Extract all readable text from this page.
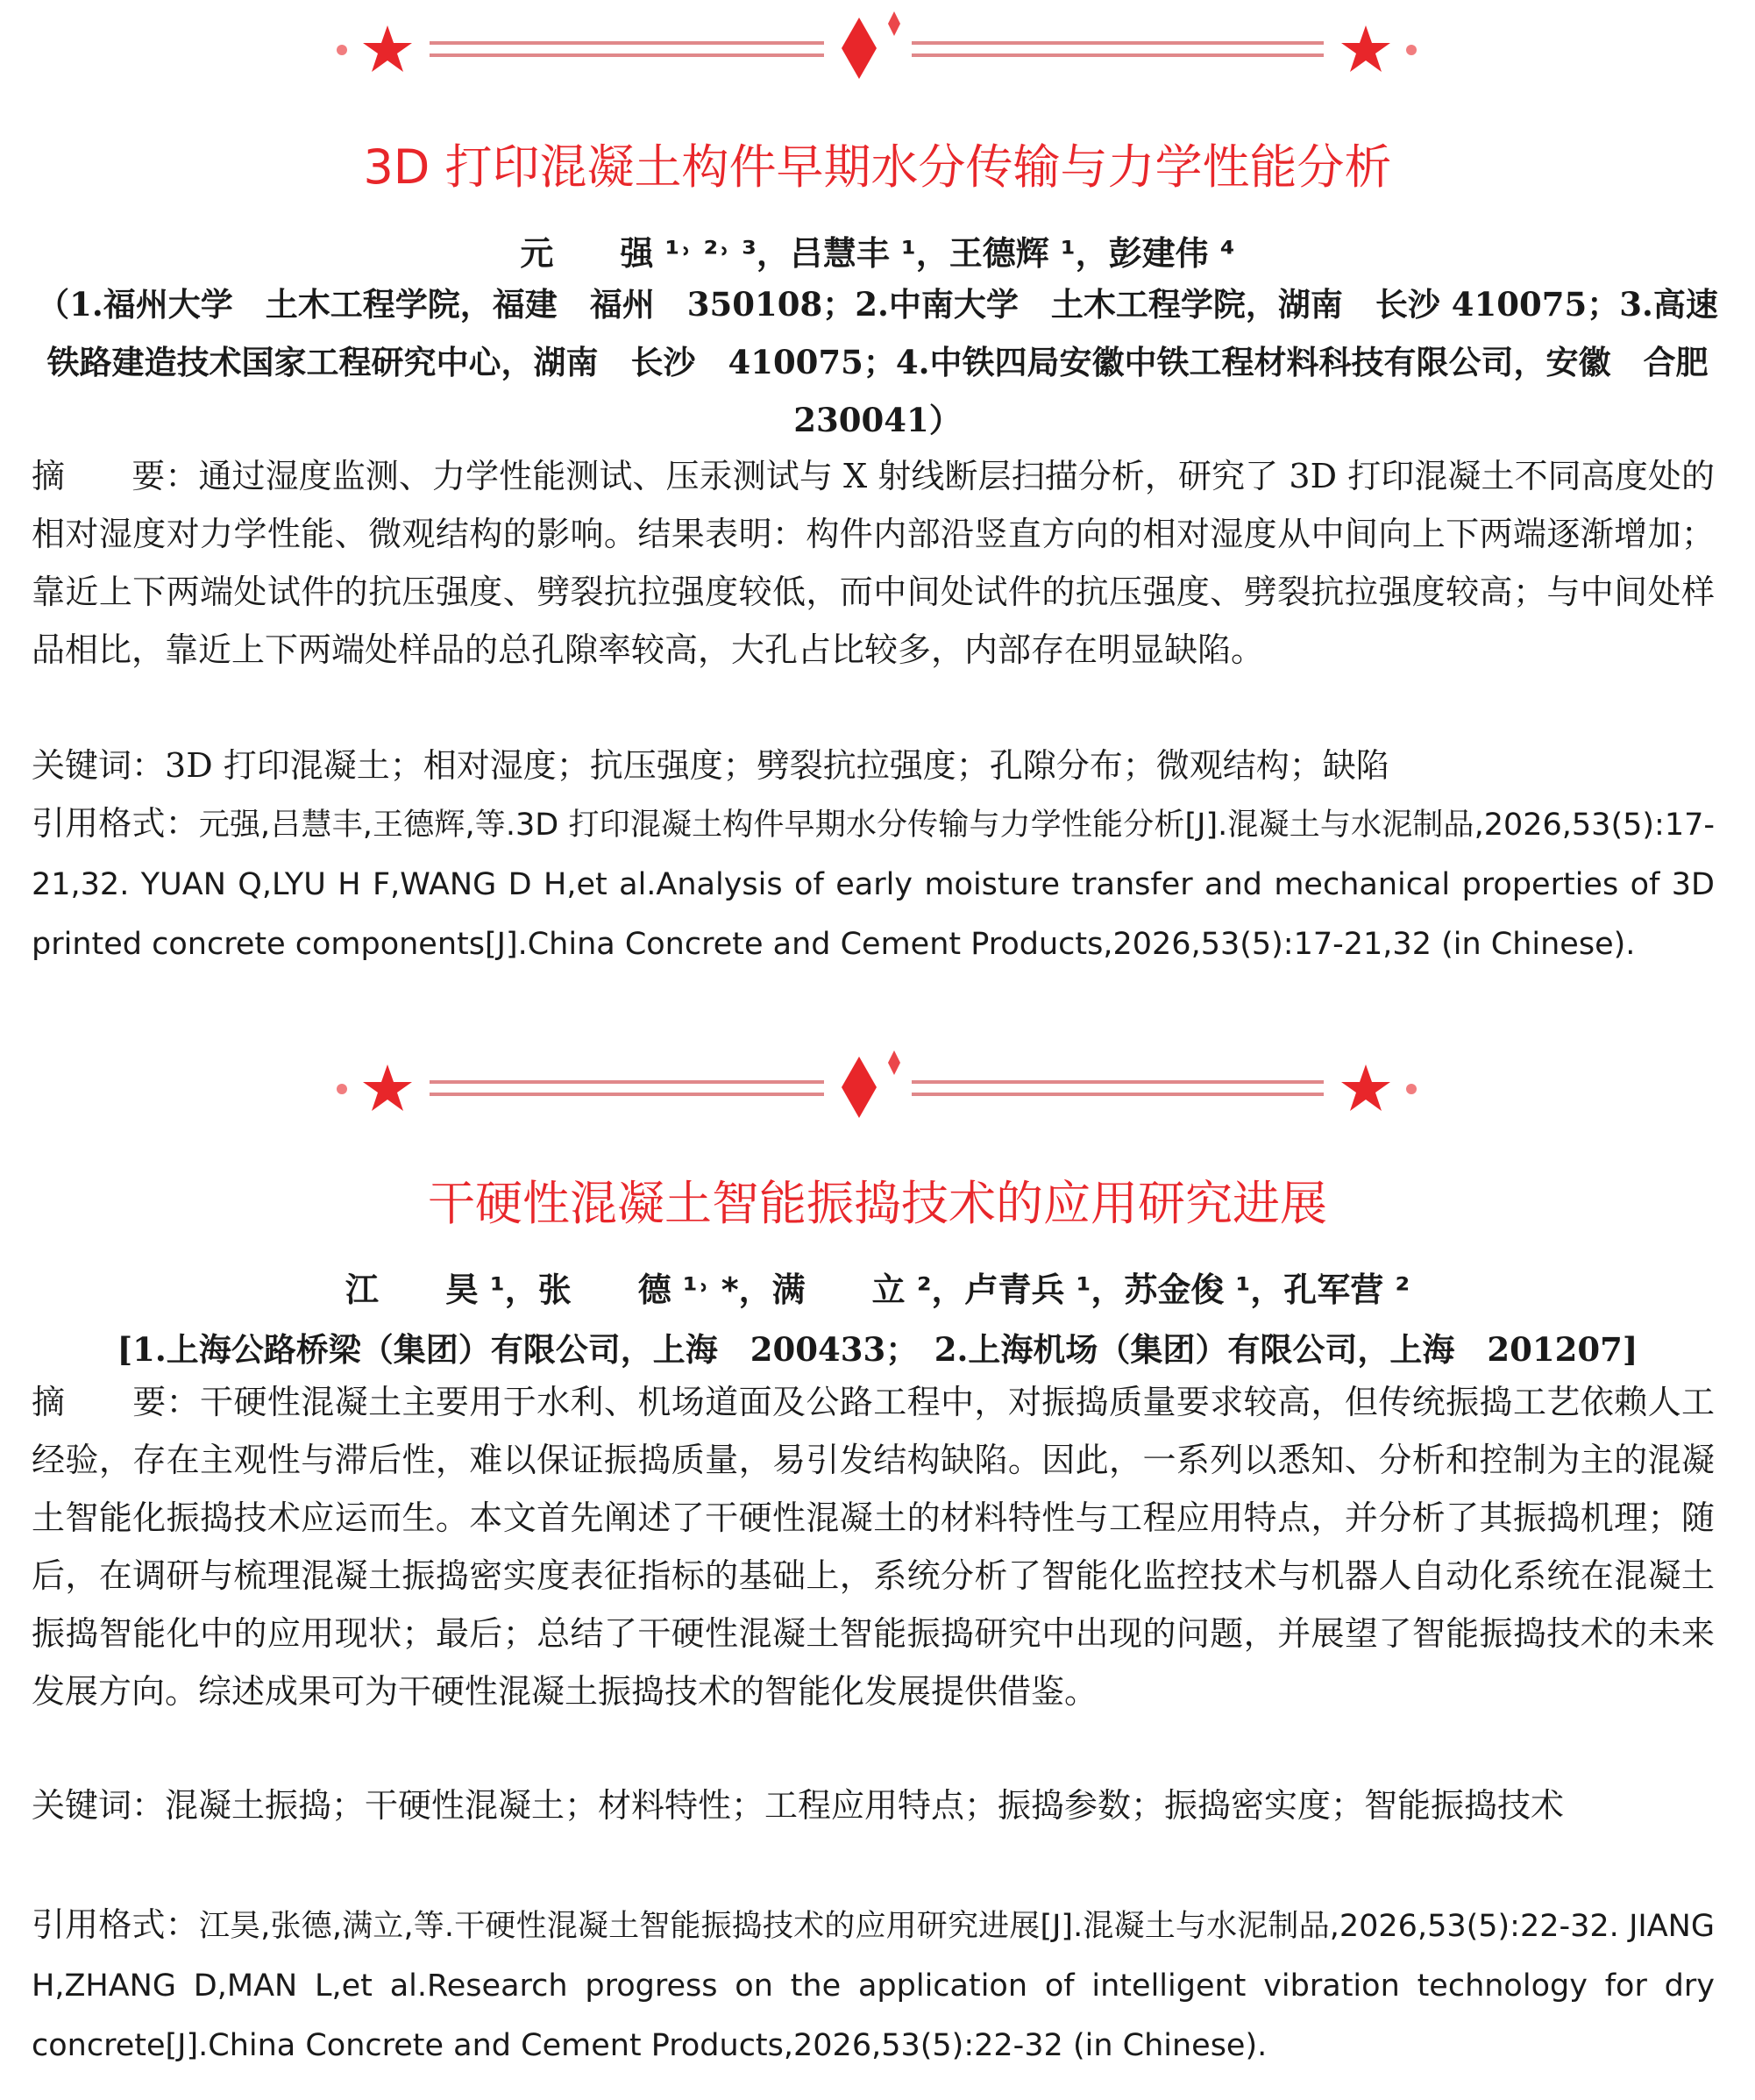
3D 打印混凝土构件早期水分传输与力学性能分析
元　　强 ¹˒ ²˒ ³，吕慧丰 ¹，王德辉 ¹，彭建伟 ⁴
（1.福州大学　土木工程学院，福建　福州　350108；2.中南大学　土木工程学院，湖南　长沙 410075；3.高速铁路建造技术国家工程研究中心，湖南　长沙　410075；4.中铁四局安徽中铁工程材料科技有限公司，安徽　合肥　230041）
摘　　要：通过湿度监测、力学性能测试、压汞测试与 X 射线断层扫描分析，研究了 3D 打印混凝土不同高度处的相对湿度对力学性能、微观结构的影响。结果表明：构件内部沿竖直方向的相对湿度从中间向上下两端逐渐增加；靠近上下两端处试件的抗压强度、劈裂抗拉强度较低，而中间处试件的抗压强度、劈裂抗拉强度较高；与中间处样品相比，靠近上下两端处样品的总孔隙率较高，大孔占比较多，内部存在明显缺陷。
关键词：3D 打印混凝土；相对湿度；抗压强度；劈裂抗拉强度；孔隙分布；微观结构；缺陷
引用格式：元强,吕慧丰,王德辉,等.3D 打印混凝土构件早期水分传输与力学性能分析[J].混凝土与水泥制品,2026,53(5):17-21,32. YUAN Q,LYU H F,WANG D H,et al.Analysis of early moisture transfer and mechanical properties of 3D printed concrete components[J].China Concrete and Cement Products,2026,53(5):17-21,32 (in Chinese).
干硬性混凝土智能振捣技术的应用研究进展
江　　昊 ¹，张　　德 ¹˒ *，满　　立 ²，卢青兵 ¹，苏金俊 ¹，孔军营 ²
[1.上海公路桥梁（集团）有限公司，上海　200433；　2.上海机场（集团）有限公司，上海　201207]
摘　　要：干硬性混凝土主要用于水利、机场道面及公路工程中，对振捣质量要求较高，但传统振捣工艺依赖人工经验，存在主观性与滞后性，难以保证振捣质量，易引发结构缺陷。因此，一系列以悉知、分析和控制为主的混凝土智能化振捣技术应运而生。本文首先阐述了干硬性混凝土的材料特性与工程应用特点，并分析了其振捣机理；随后，在调研与梳理混凝土振捣密实度表征指标的基础上，系统分析了智能化监控技术与机器人自动化系统在混凝土振捣智能化中的应用现状；最后；总结了干硬性混凝土智能振捣研究中出现的问题，并展望了智能振捣技术的未来发展方向。综述成果可为干硬性混凝土振捣技术的智能化发展提供借鉴。
关键词：混凝土振捣；干硬性混凝土；材料特性；工程应用特点；振捣参数；振捣密实度；智能振捣技术
引用格式：江昊,张德,满立,等.干硬性混凝土智能振捣技术的应用研究进展[J].混凝土与水泥制品,2026,53(5):22-32. JIANG H,ZHANG D,MAN L,et al.Research progress on the application of intelligent vibration technology for dry concrete[J].China Concrete and Cement Products,2026,53(5):22-32 (in Chinese).
